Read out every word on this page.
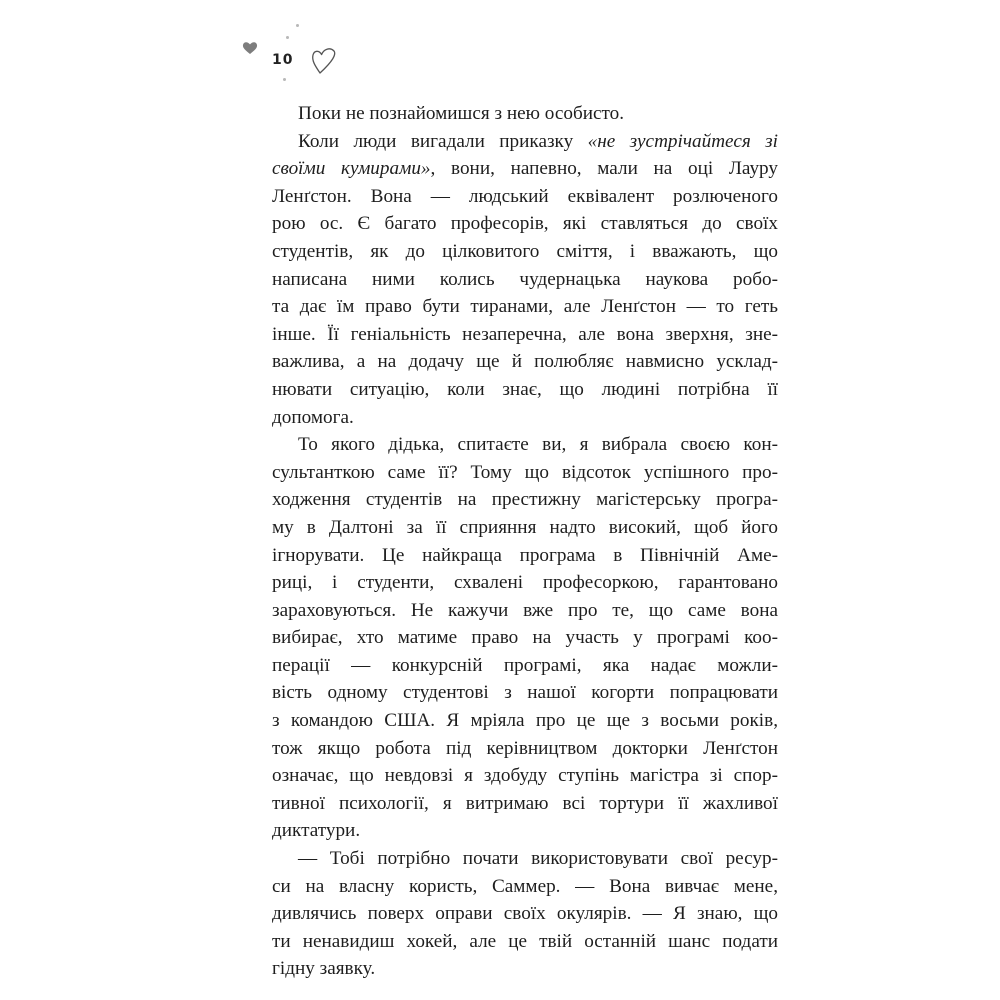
10
Поки не познайомишся з нею особисто.
Коли люди вигадали приказку «не зустрічайтеся зі
своїми кумирами», вони, напевно, мали на оці Лауру
Ленґстон. Вона — людський еквівалент розлюченого
рою ос. Є багато професорів, які ставляться до своїх
студентів, як до цілковитого сміття, і вважають, що
написана ними колись чудернацька наукова робо-
та дає їм право бути тиранами, але Ленґстон — то геть
інше. Її геніальність незаперечна, але вона зверхня, зне-
важлива, а на додачу ще й полюбляє навмисно усклад-
нювати ситуацію, коли знає, що людині потрібна її
допомога.
То якого дідька, спитаєте ви, я вибрала своєю кон-
сультанткою саме її? Тому що відсоток успішного про-
ходження студентів на престижну магістерську програ-
му в Далтоні за її сприяння надто високий, щоб його
ігнорувати. Це найкраща програма в Північній Аме-
риці, і студенти, схвалені професоркою, гарантовано
зараховуються. Не кажучи вже про те, що саме вона
вибирає, хто матиме право на участь у програмі коо-
перації — конкурсній програмі, яка надає можли-
вість одному студентові з нашої когорти попрацювати
з командою США. Я мріяла про це ще з восьми років,
тож якщо робота під керівництвом докторки Ленґстон
означає, що невдовзі я здобуду ступінь магістра зі спор-
тивної психології, я витримаю всі тортури її жахливої
диктатури.
— Тобі потрібно почати використовувати свої ресур-
си на власну користь, Саммер. — Вона вивчає мене,
дивлячись поверх оправи своїх окулярів. — Я знаю, що
ти ненавидиш хокей, але це твій останній шанс подати
гідну заявку.
